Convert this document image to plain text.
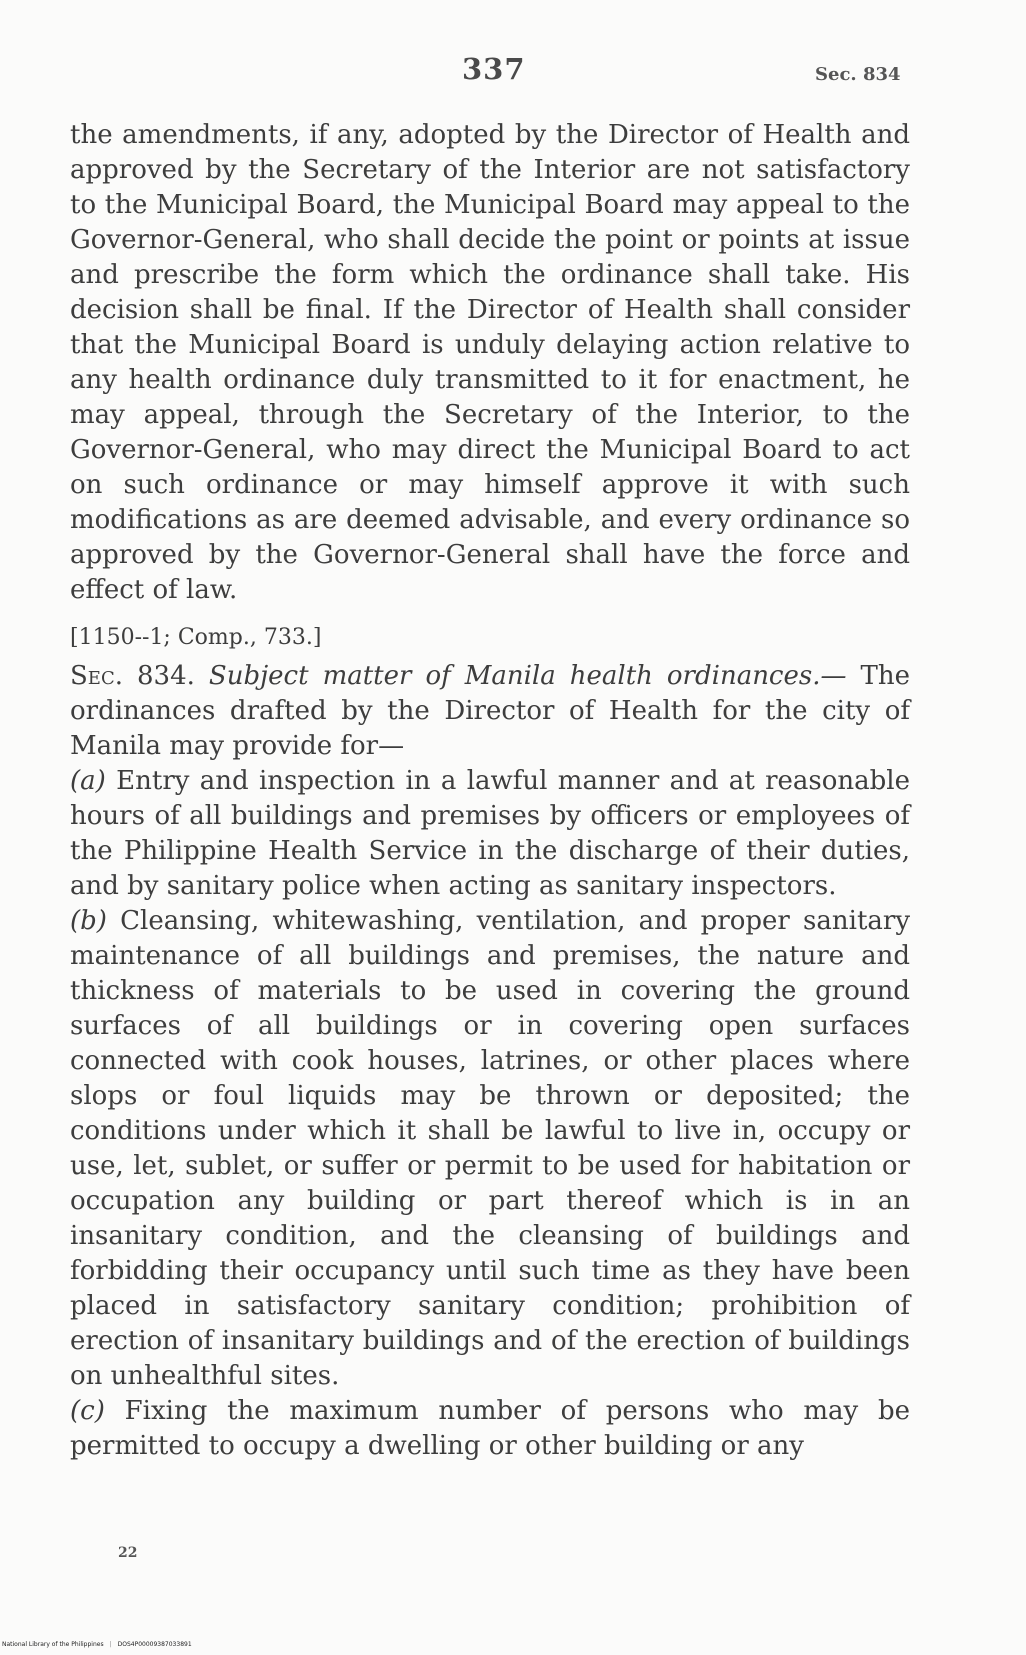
337	Sec. 834

the amendments, if any, adopted by the Director of Health and approved by the Secretary of the Interior are not satisfactory to the Municipal Board, the Municipal Board may appeal to the Governor-General, who shall decide the point or points at issue and prescribe the form which the ordinance shall take. His decision shall be final. If the Director of Health shall consider that the Municipal Board is unduly delaying action relative to any health ordinance duly transmitted to it for enactment, he may appeal, through the Secretary of the Interior, to the Governor-General, who may direct the Municipal Board to act on such ordinance or may himself approve it with such modifications as are deemed advisable, and every ordinance so approved by the Governor-General shall have the force and effect of law.

[1150--1; Comp., 733.]

Sec. 834. Subject matter of Manila health ordinances.— The ordinances drafted by the Director of Health for the city of Manila may provide for—

(a) Entry and inspection in a lawful manner and at reasonable hours of all buildings and premises by officers or employees of the Philippine Health Service in the discharge of their duties, and by sanitary police when acting as sanitary inspectors.

(b) Cleansing, whitewashing, ventilation, and proper sanitary maintenance of all buildings and premises, the nature and thickness of materials to be used in covering the ground surfaces of all buildings or in covering open surfaces connected with cook houses, latrines, or other places where slops or foul liquids may be thrown or deposited; the conditions under which it shall be lawful to live in, occupy or use, let, sublet, or suffer or permit to be used for habitation or occupation any building or part thereof which is in an insanitary condition, and the cleansing of buildings and forbidding their occupancy until such time as they have been placed in satisfactory sanitary condition; prohibition of erection of insanitary buildings and of the erection of buildings on unhealthful sites.

(c) Fixing the maximum number of persons who may be permitted to occupy a dwelling or other building or any

22
National Library of the Philippines | DOS4P00009387033891
